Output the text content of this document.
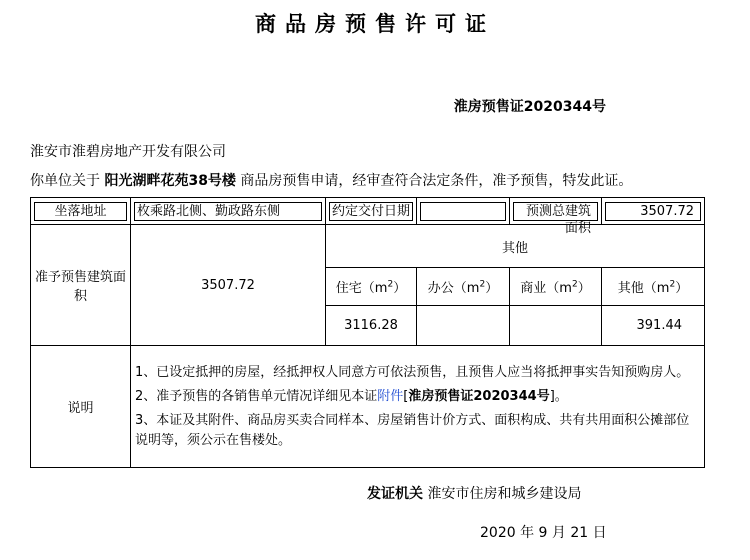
商品房预售许可证
淮房预售证2020344号
淮安市淮碧房地产开发有限公司
你单位关于 阳光湖畔花苑38号楼 商品房预售申请，经审查符合法定条件，准予预售，特发此证。
坐落地址	枚乘路北侧、勤政路东侧	约定交付日期		预测总建筑面积	3507.72

准予预售建筑面积	3507.72	其他			
		住宅$(m^2)$	办公$(m^2)$	商业$(m^2)$	其他$(m^2)$
		3116.28			391.44
说明	1、已设定抵押的房屋，经抵押权人同意方可依法预售，且预售人应当将抵押事实告知预购房人。

2、准予预售的各销售单元情况详细见本证附件[淮房预售证2020344号]。

3、本证及其附件、商品房买卖合同样本、房屋销售计价方式、面积构成、共有共用面积公摊部位说明等，须公示在售楼处。				

发证机关 淮安市住房和城乡建设局
2020 年 9 月 21 日
